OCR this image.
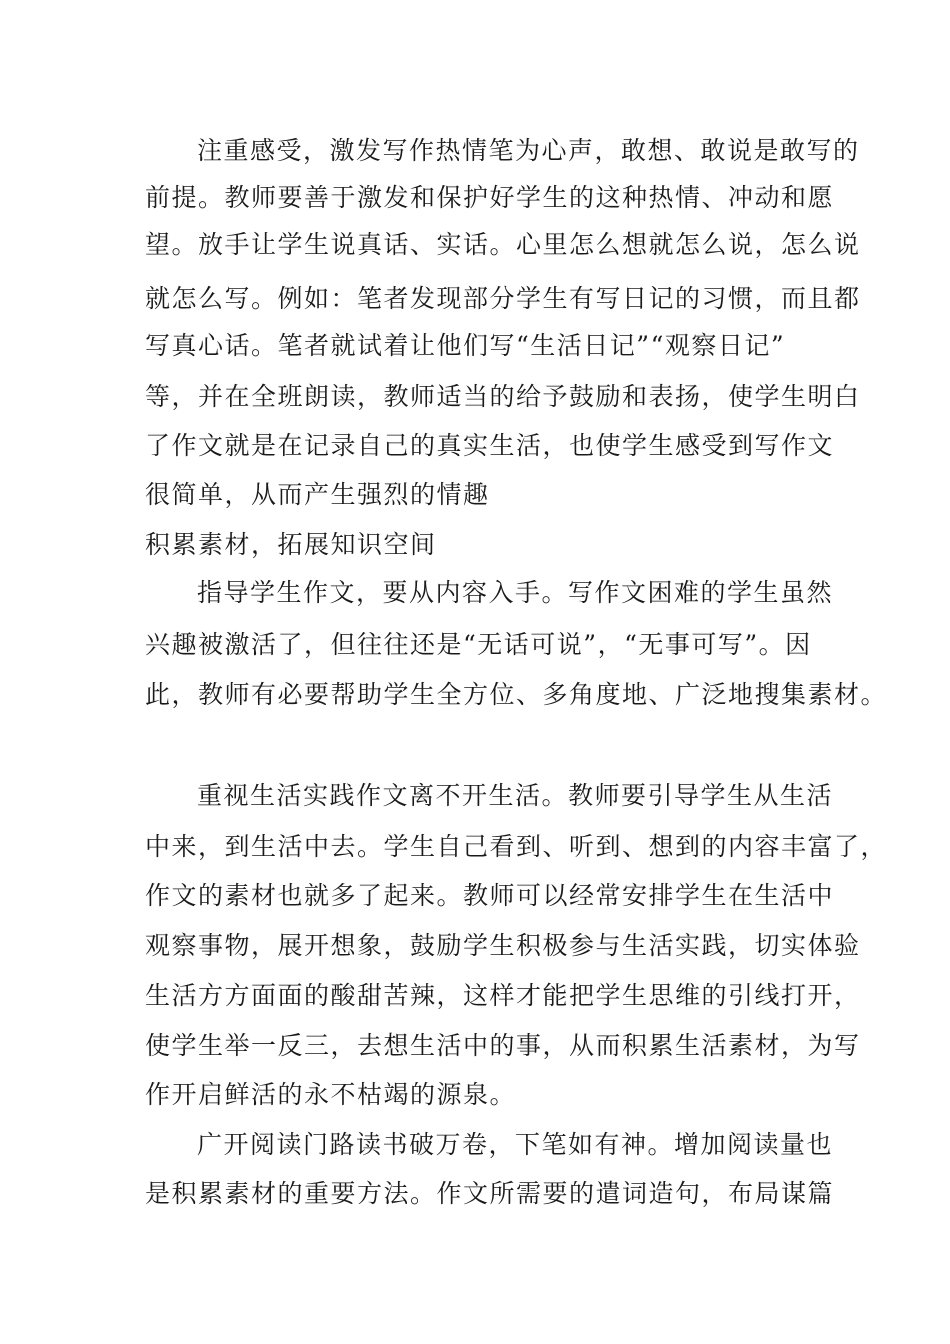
注重感受，激发写作热情笔为心声，敢想、敢说是敢写的
前提。教师要善于激发和保护好学生的这种热情、冲动和愿
望。放手让学生说真话、实话。心里怎么想就怎么说，怎么说
就怎么写。例如：笔者发现部分学生有写日记的习惯，而且都
写真心话。笔者就试着让他们写“生活日记”“观察日记”
等，并在全班朗读，教师适当的给予鼓励和表扬，使学生明白
了作文就是在记录自己的真实生活，也使学生感受到写作文
很简单，从而产生强烈的情趣
积累素材，拓展知识空间
指导学生作文，要从内容入手。写作文困难的学生虽然
兴趣被激活了，但往往还是“无话可说”，“无事可写”。因
此，教师有必要帮助学生全方位、多角度地、广泛地搜集素材。
重视生活实践作文离不开生活。教师要引导学生从生活
中来，到生活中去。学生自己看到、听到、想到的内容丰富了，
作文的素材也就多了起来。教师可以经常安排学生在生活中
观察事物，展开想象，鼓励学生积极参与生活实践，切实体验
生活方方面面的酸甜苦辣，这样才能把学生思维的引线打开，
使学生举一反三，去想生活中的事，从而积累生活素材，为写
作开启鲜活的永不枯竭的源泉。
广开阅读门路读书破万卷，下笔如有神。增加阅读量也
是积累素材的重要方法。作文所需要的遣词造句，布局谋篇
